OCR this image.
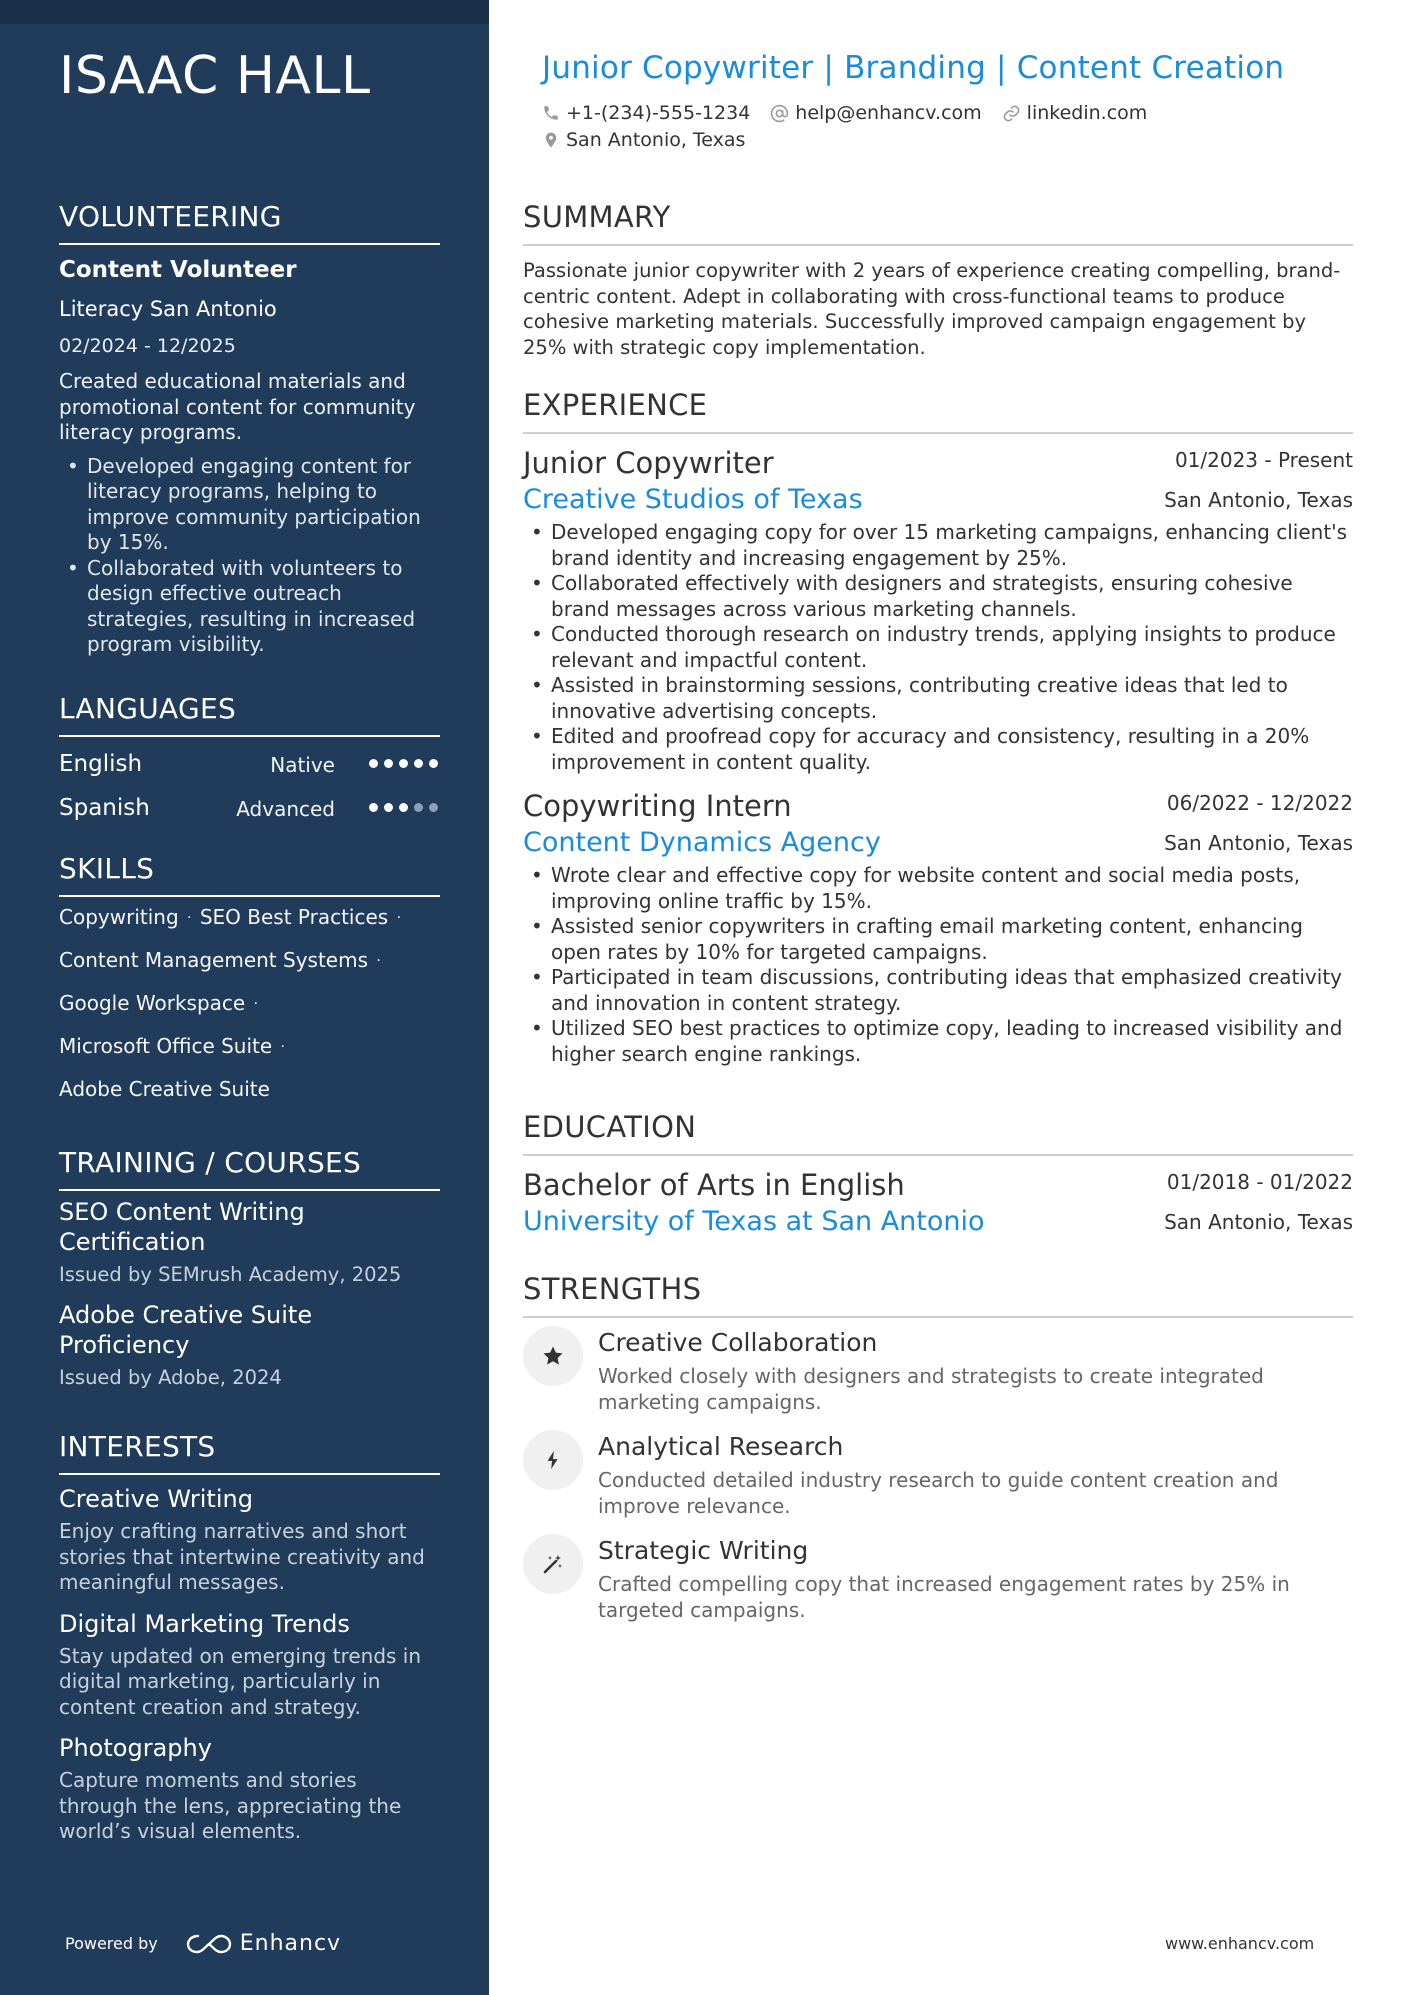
ISAAC HALL
VOLUNTEERING
Content Volunteer
Literacy San Antonio
02/2024 - 12/2025
Created educational materials and promotional content for community literacy programs.
• Developed engaging content for literacy programs, helping to improve community participation by 15%.
• Collaborated with volunteers to design effective outreach strategies, resulting in increased program visibility.
LANGUAGES
English	Native
Spanish	Advanced
SKILLS
Copywriting · SEO Best Practices ·
Content Management Systems ·
Google Workspace ·
Microsoft Office Suite ·
Adobe Creative Suite
TRAINING / COURSES
SEO Content Writing Certification
Issued by SEMrush Academy, 2025
Adobe Creative Suite Proficiency
Issued by Adobe, 2024
INTERESTS
Creative Writing
Enjoy crafting narratives and short stories that intertwine creativity and meaningful messages.
Digital Marketing Trends
Stay updated on emerging trends in digital marketing, particularly in content creation and strategy.
Photography
Capture moments and stories through the lens, appreciating the world’s visual elements.
Powered by	Enhancv
Junior Copywriter | Branding | Content Creation
+1-(234)-555-1234 help@enhancv.com linkedin.com
San Antonio, Texas
SUMMARY
Passionate junior copywriter with 2 years of experience creating compelling, brand-centric content. Adept in collaborating with cross-functional teams to produce cohesive marketing materials. Successfully improved campaign engagement by 25% with strategic copy implementation.
EXPERIENCE
Junior Copywriter	01/2023 - Present
Creative Studios of Texas	San Antonio, Texas
• Developed engaging copy for over 15 marketing campaigns, enhancing client's brand identity and increasing engagement by 25%.
• Collaborated effectively with designers and strategists, ensuring cohesive brand messages across various marketing channels.
• Conducted thorough research on industry trends, applying insights to produce relevant and impactful content.
• Assisted in brainstorming sessions, contributing creative ideas that led to innovative advertising concepts.
• Edited and proofread copy for accuracy and consistency, resulting in a 20% improvement in content quality.
Copywriting Intern	06/2022 - 12/2022
Content Dynamics Agency	San Antonio, Texas
• Wrote clear and effective copy for website content and social media posts, improving online traffic by 15%.
• Assisted senior copywriters in crafting email marketing content, enhancing open rates by 10% for targeted campaigns.
• Participated in team discussions, contributing ideas that emphasized creativity and innovation in content strategy.
• Utilized SEO best practices to optimize copy, leading to increased visibility and higher search engine rankings.
EDUCATION
Bachelor of Arts in English	01/2018 - 01/2022
University of Texas at San Antonio	San Antonio, Texas
STRENGTHS
Creative Collaboration
Worked closely with designers and strategists to create integrated marketing campaigns.
Analytical Research
Conducted detailed industry research to guide content creation and improve relevance.
Strategic Writing
Crafted compelling copy that increased engagement rates by 25% in targeted campaigns.
www.enhancv.com
